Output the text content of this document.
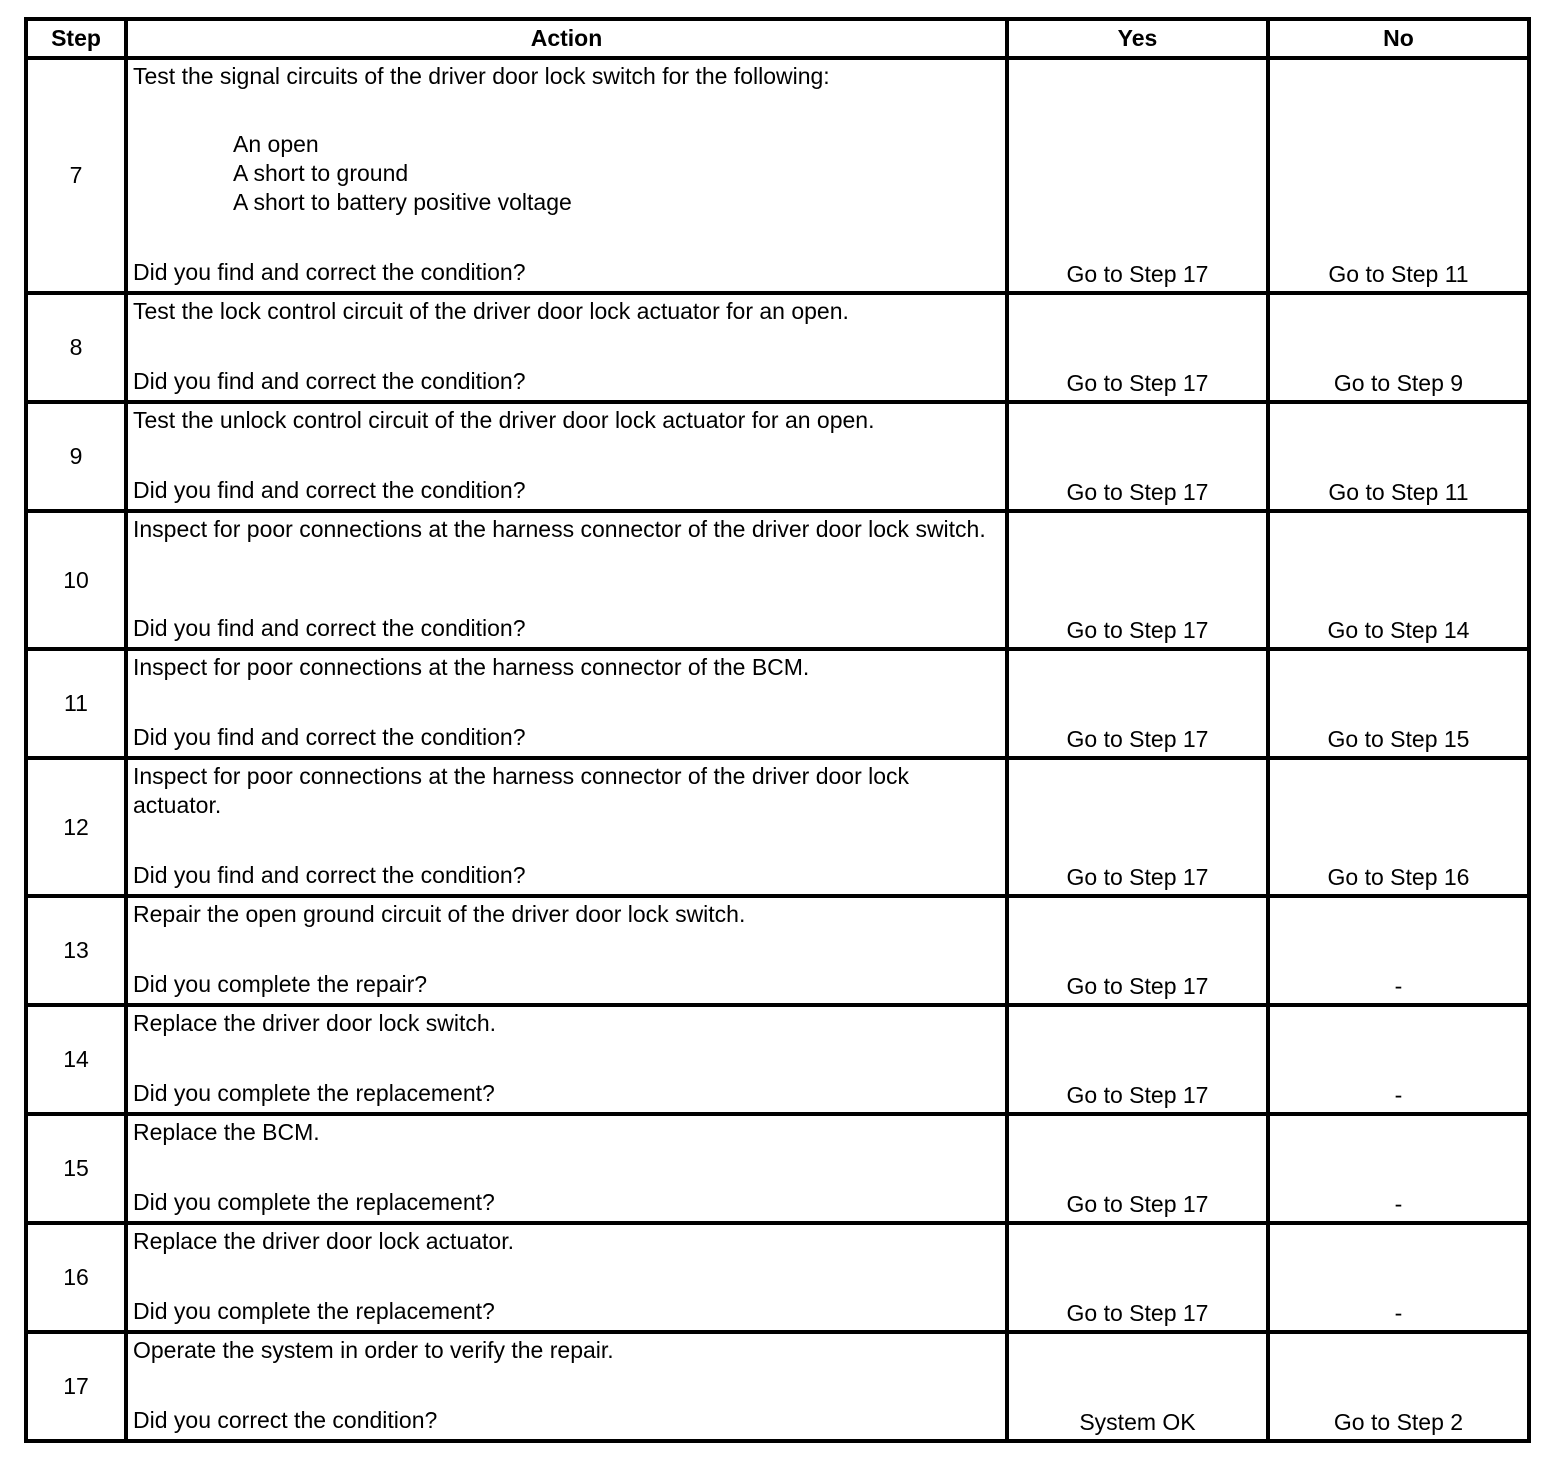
Step	Action	Yes	No
7	Test the signal circuits of the driver door lock switch for the following:
An open
A short to ground
A short to battery positive voltage
Did you find and correct the condition?	Go to Step 17	Go to Step 11
8	Test the lock control circuit of the driver door lock actuator for an open.
Did you find and correct the condition?	Go to Step 17	Go to Step 9
9	Test the unlock control circuit of the driver door lock actuator for an open.
Did you find and correct the condition?	Go to Step 17	Go to Step 11
10	Inspect for poor connections at the harness connector of the driver door lock switch.
Did you find and correct the condition?	Go to Step 17	Go to Step 14
11	Inspect for poor connections at the harness connector of the BCM.
Did you find and correct the condition?	Go to Step 17	Go to Step 15
12	Inspect for poor connections at the harness connector of the driver door lock actuator.
Did you find and correct the condition?	Go to Step 17	Go to Step 16
13	Repair the open ground circuit of the driver door lock switch.
Did you complete the repair?	Go to Step 17	-
14	Replace the driver door lock switch.
Did you complete the replacement?	Go to Step 17	-
15	Replace the BCM.
Did you complete the replacement?	Go to Step 17	-
16	Replace the driver door lock actuator.
Did you complete the replacement?	Go to Step 17	-
17	Operate the system in order to verify the repair.
Did you correct the condition?	System OK	Go to Step 2
